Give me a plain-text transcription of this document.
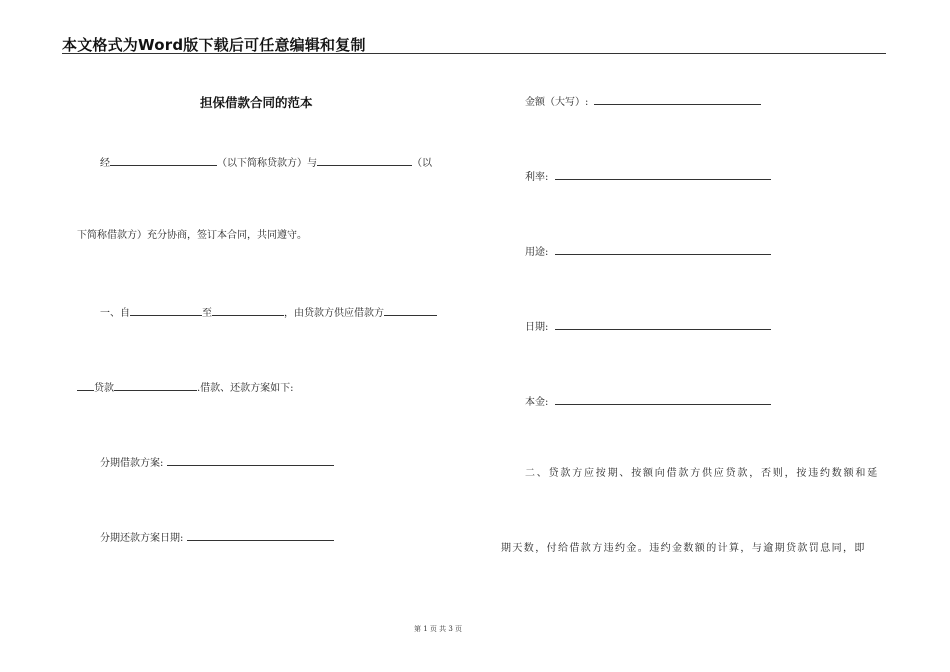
本文格式为Word版下载后可任意编辑和复制
担保借款合同的范本
经	（以下简称贷款方）与	（以
下简称借款方）充分协商，签订本合同，共同遵守。
一、自	至	，由贷款方供应借款方
贷款	.借款、还款方案如下:
分期借款方案:
分期还款方案日期:
金额（大写）:
利率:
用途:
日期:
本金:
二、贷款方应按期、按额向借款方供应贷款，否则，按违约数额和延
期天数，付给借款方违约金。违约金数额的计算，与逾期贷款罚息同，即
第 1 页 共 3 页
